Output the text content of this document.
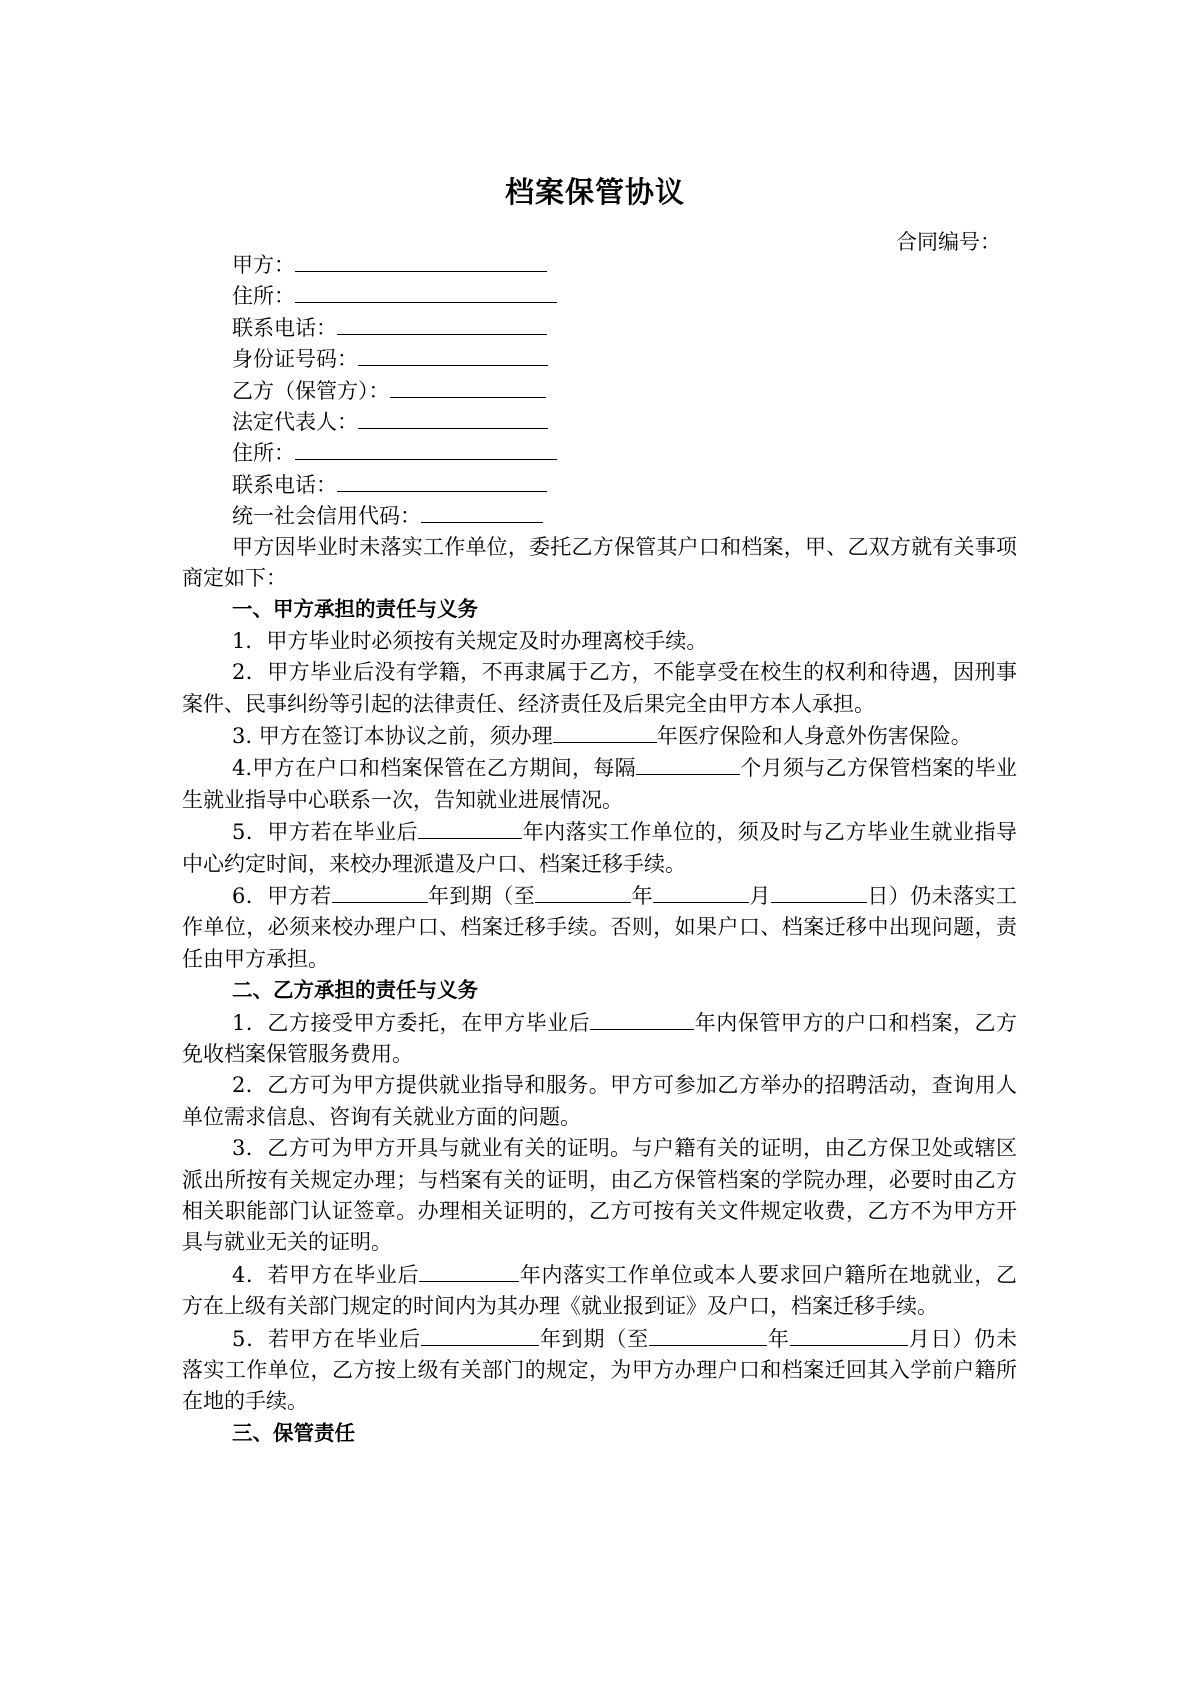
档案保管协议
合同编号：
甲方：
住所：
联系电话：
身份证号码：
乙方（保管方）：
法定代表人：
住所：
联系电话：
统一社会信用代码：

甲方因毕业时未落实工作单位，委托乙方保管其户口和档案，甲、乙双方就有关事项商定如下：

一、甲方承担的责任与义务

1．甲方毕业时必须按有关规定及时办理离校手续。

2．甲方毕业后没有学籍，不再隶属于乙方，不能享受在校生的权利和待遇，因刑事案件、民事纠纷等引起的法律责任、经济责任及后果完全由甲方本人承担。

3. 甲方在签订本协议之前，须办理	年医疗保险和人身意外伤害保险。

4.甲方在户口和档案保管在乙方期间，每隔	个月须与乙方保管档案的毕业生就业指导中心联系一次，告知就业进展情况。

5．甲方若在毕业后	年内落实工作单位的，须及时与乙方毕业生就业指导中心约定时间，来校办理派遣及户口、档案迁移手续。

6．甲方若	年到期（至	年	月	日）仍未落实工作单位，必须来校办理户口、档案迁移手续。否则，如果户口、档案迁移中出现问题，责任由甲方承担。

二、乙方承担的责任与义务

1．乙方接受甲方委托，在甲方毕业后	年内保管甲方的户口和档案，乙方免收档案保管服务费用。

2．乙方可为甲方提供就业指导和服务。甲方可参加乙方举办的招聘活动，查询用人单位需求信息、咨询有关就业方面的问题。

3．乙方可为甲方开具与就业有关的证明。与户籍有关的证明，由乙方保卫处或辖区派出所按有关规定办理；与档案有关的证明，由乙方保管档案的学院办理，必要时由乙方相关职能部门认证签章。办理相关证明的，乙方可按有关文件规定收费，乙方不为甲方开具与就业无关的证明。

4．若甲方在毕业后	年内落实工作单位或本人要求回户籍所在地就业，乙方在上级有关部门规定的时间内为其办理《就业报到证》及户口，档案迁移手续。

5．若甲方在毕业后	年到期（至	年	月日）仍未落实工作单位，乙方按上级有关部门的规定，为甲方办理户口和档案迁回其入学前户籍所在地的手续。

三、保管责任
